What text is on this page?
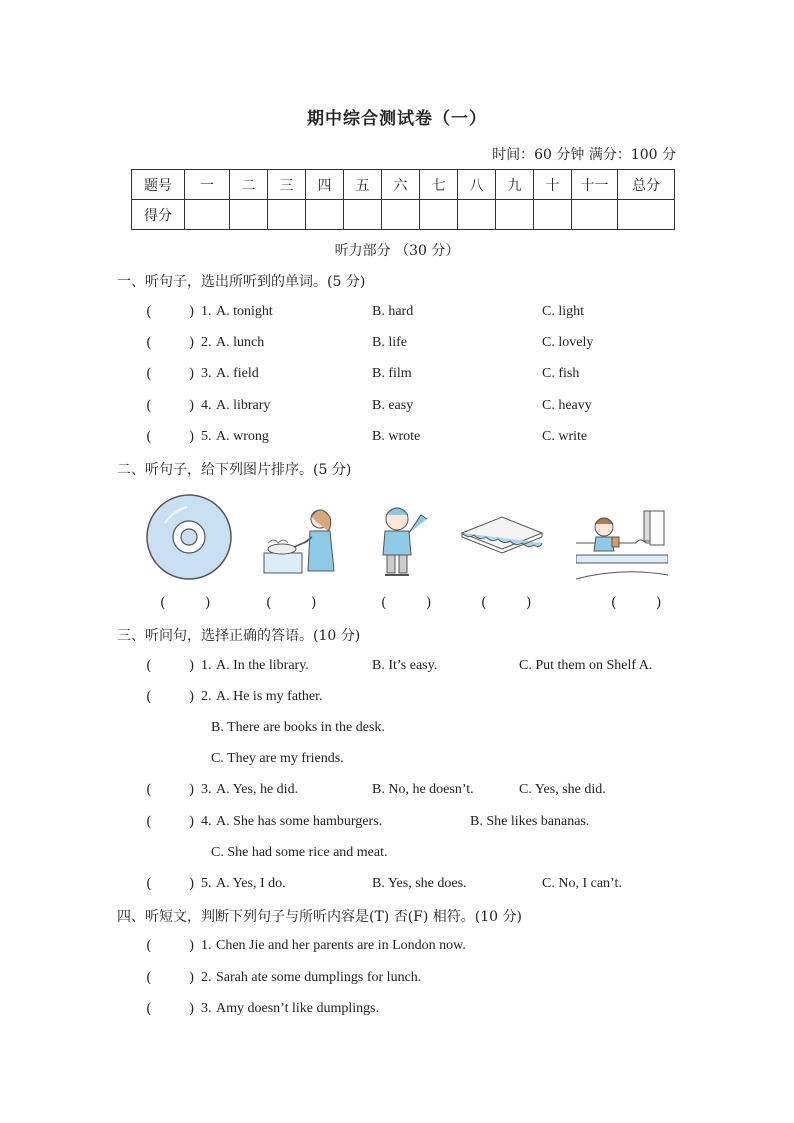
期中综合测试卷（一）
时间：60 分钟 满分：100 分
题号	一	二	三	四	五	六	七	八	九	十	十一	总分
得分												
听力部分 （30 分）
一、听句子，选出所听到的单词。(5 分)
(	) 1. A. tonight	B. hard	C. light
(	) 2. A. lunch	B. life	C. lovely
(	) 3. A. field	B. film	C. fish
(	) 4. A. library	B. easy	C. heavy
(	) 5. A. wrong	B. wrote	C. write
二、听句子，给下列图片排序。(5 分)
(	)	(	)	(	)	(	)	(	)
三、听问句，选择正确的答语。(10 分)
(	) 1. A. In the library.	B. It’s easy.	C. Put them on Shelf A.
(	) 2. A. He is my father.
B. There are books in the desk.
C. They are my friends.
(	) 3. A. Yes, he did.	B. No, he doesn’t.	C. Yes, she did.
(	) 4. A. She has some hamburgers.	B. She likes bananas.
C. She had some rice and meat.
(	) 5. A. Yes, I do.	B. Yes, she does.	C. No, I can’t.
四、听短文，判断下列句子与所听内容是(T) 否(F) 相符。(10 分)
(	) 1. Chen Jie and her parents are in London now.
(	) 2. Sarah ate some dumplings for lunch.
(	) 3. Amy doesn’t like dumplings.
